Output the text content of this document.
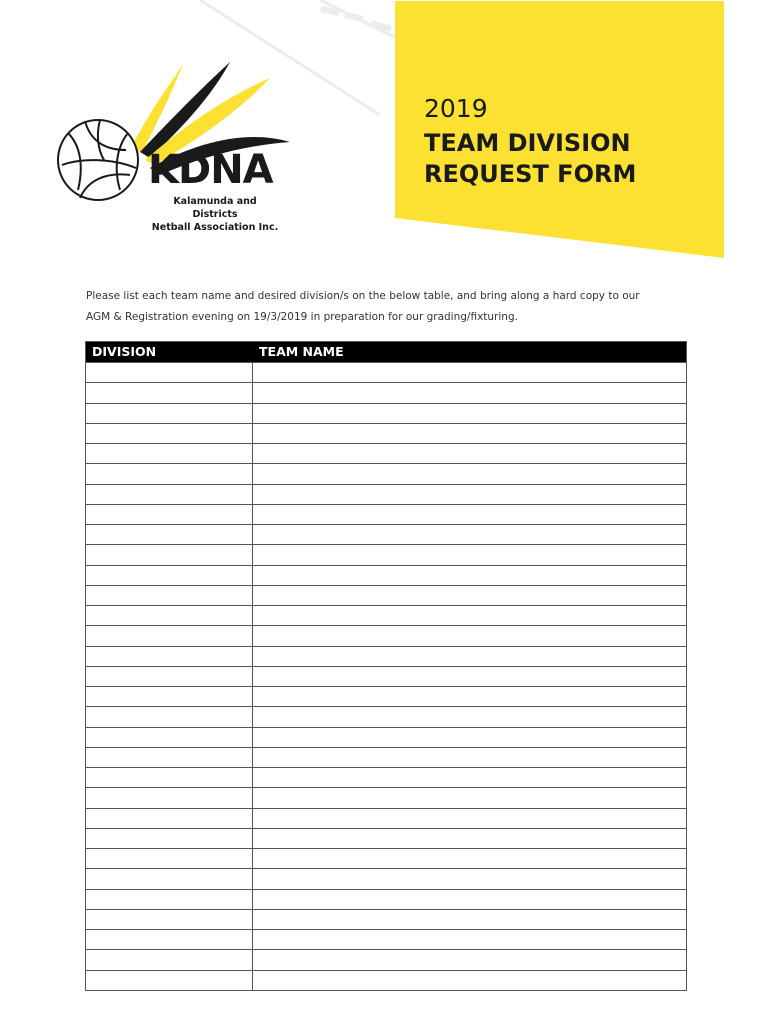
KDNA
Kalamunda and Districts
Netball Association Inc.
2019
TEAM DIVISION
REQUEST FORM
Please list each team name and desired division/s on the below table, and bring along a hard copy to our
AGM & Registration evening on 19/3/2019 in preparation for our grading/fixturing.
DIVISION	TEAM NAME
